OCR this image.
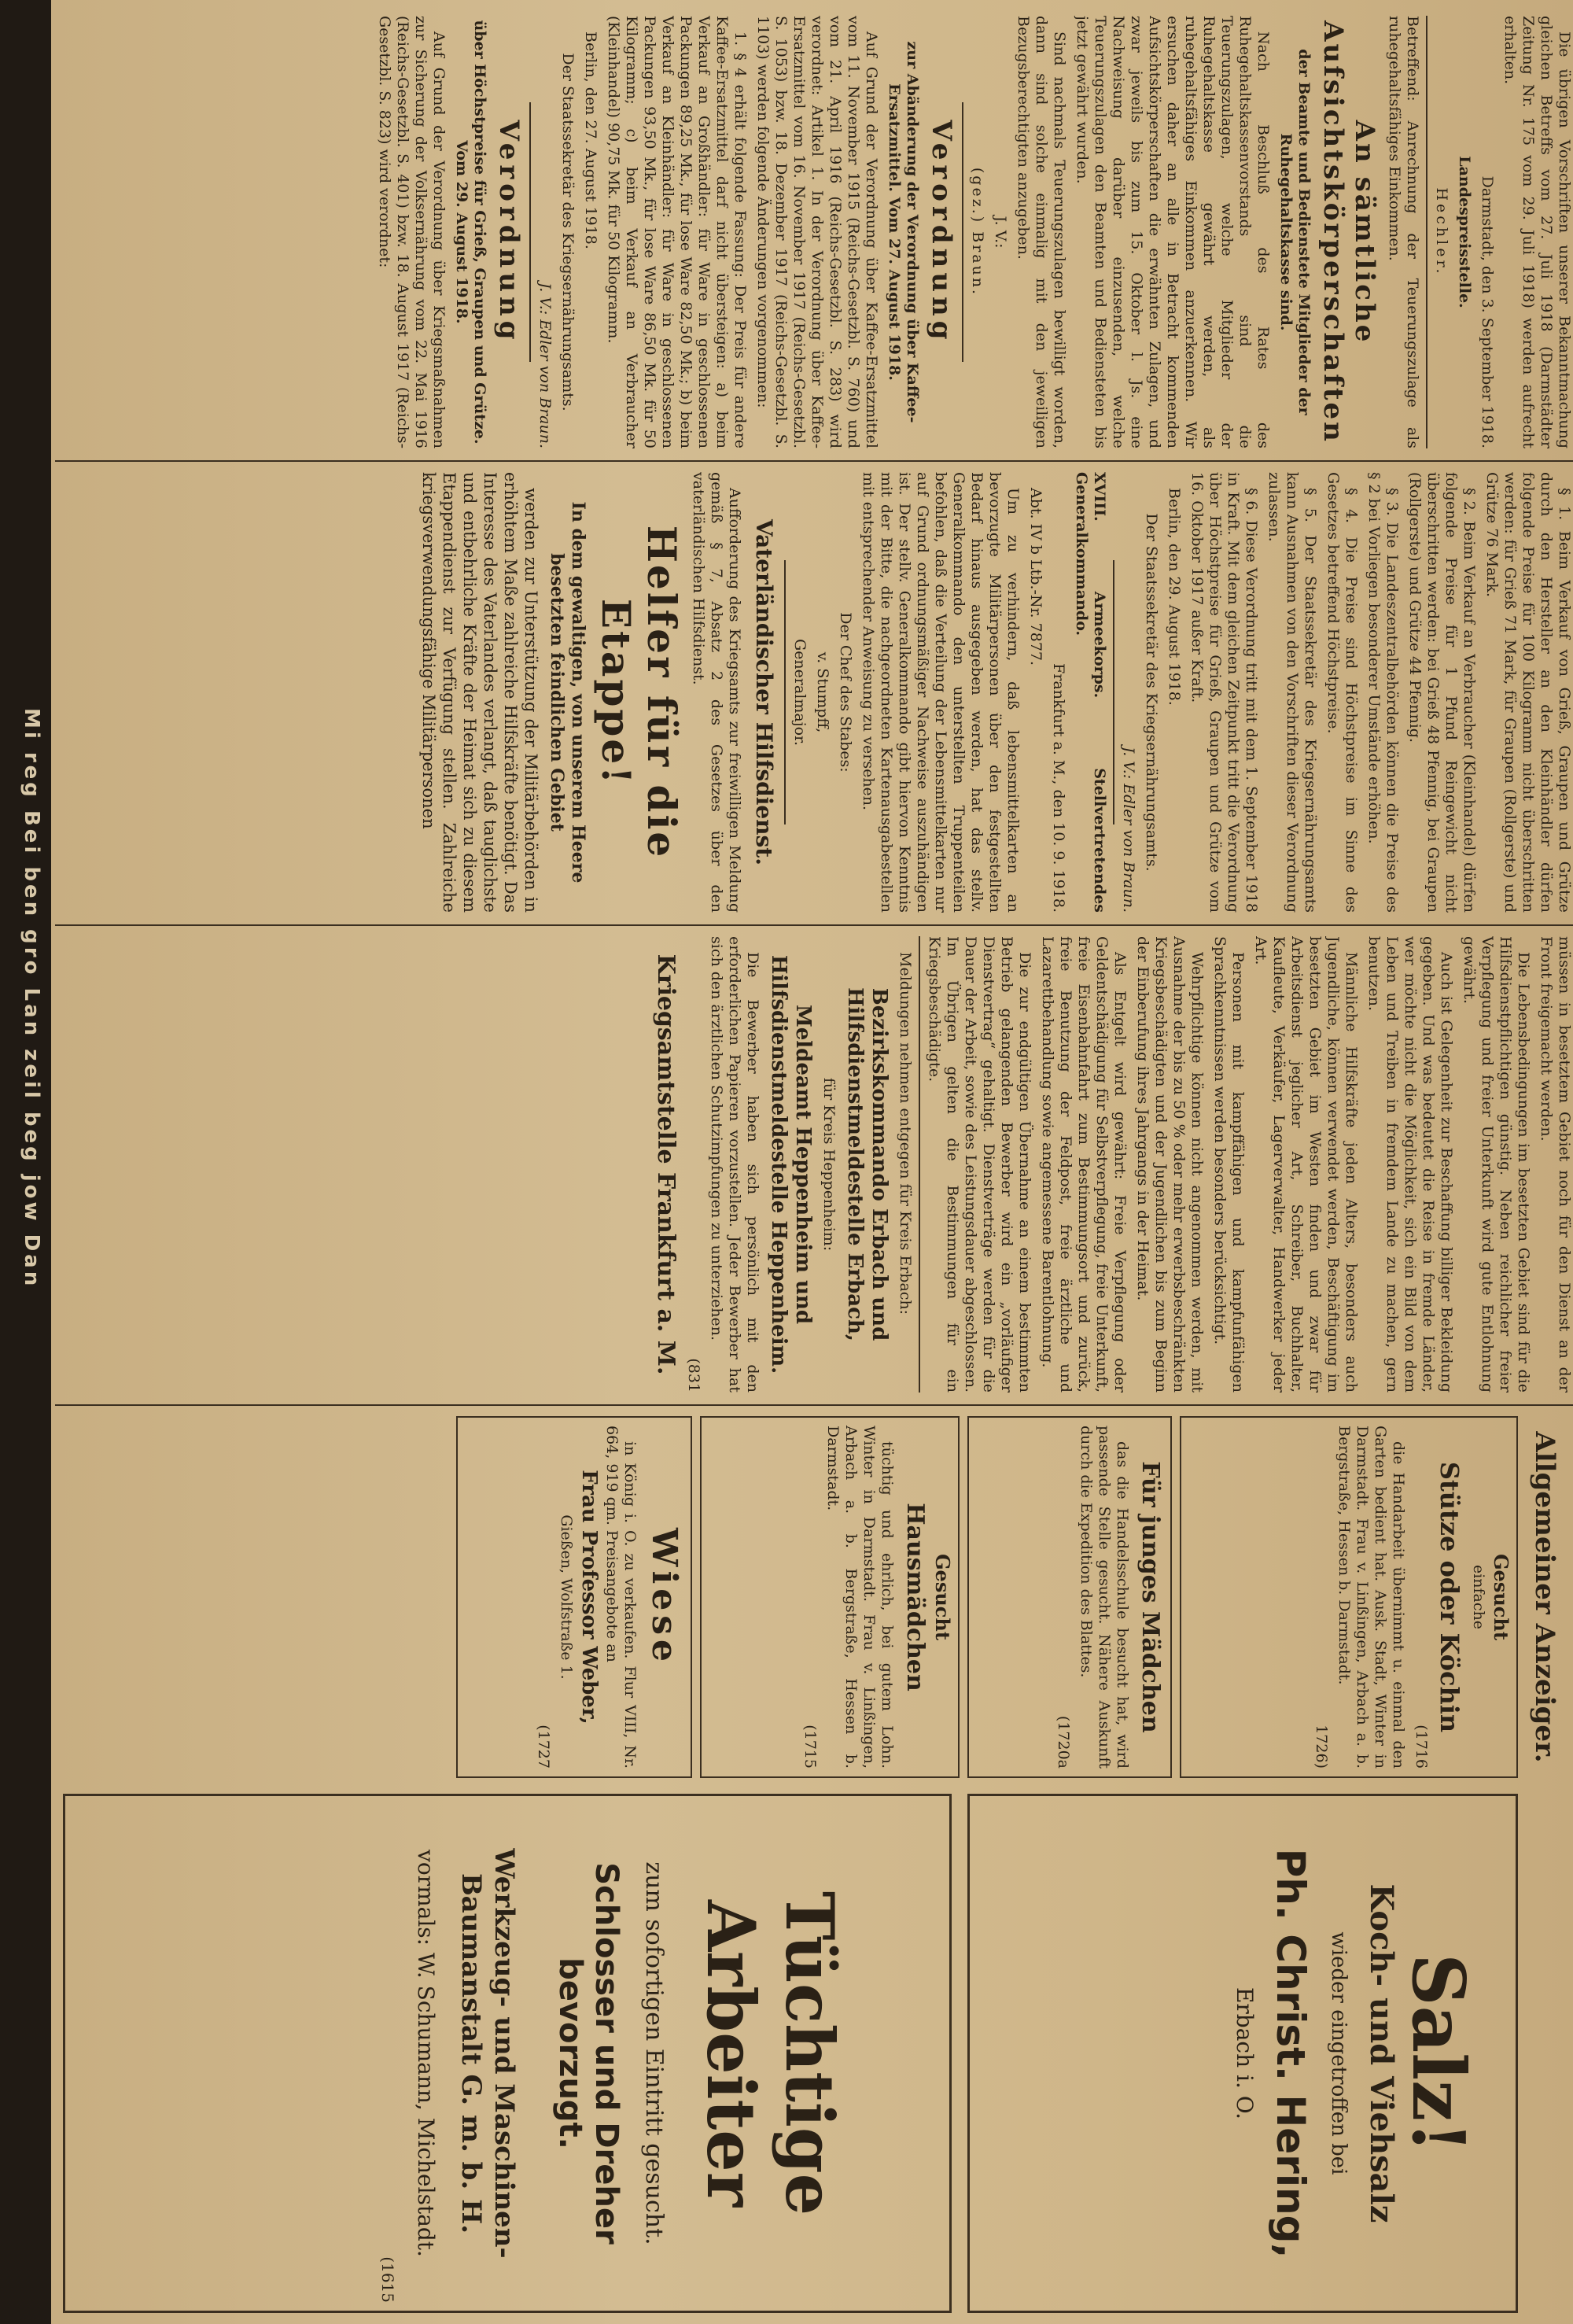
Die übrigen Vorschriften unserer Bekanntmachung gleichen Betreffs vom 27. Juli 1918 (Darmstädter Zeitung Nr. 175 vom 29. Juli 1918) werden aufrecht erhalten.

Darmstadt, den 3. September 1918.

Landespreisstelle.

Hechler.

Betreffend: Anrechnung der Teuerungszulage als ruhegehaltsfähiges Einkommen.

An sämtliche Aufsichtskörperschaften

der Beamte und Bedienstete Mitglieder der Ruhegehaltskasse sind.

Nach Beschluß des Rates des Ruhegehaltskassenvorstands sind die Teuerungszulagen, welche Mitglieder der Ruhegehaltskasse gewährt werden, als ruhegehaltsfähiges Einkommen anzuerkennen. Wir ersuchen daher an alle in Betracht kommenden Aufsichtskörperschaften die erwähnten Zulagen, und zwar jeweils bis zum 15. Oktober l. Js. eine Nachweisung darüber einzusenden, welche Teuerungszulagen den Beamten und Bediensteten bis jetzt gewährt wurden.

Sind nachmals Teuerungszulagen bewilligt worden, dann sind solche einmalig mit den jeweiligen Bezugsberechtigten anzugeben.

J. V.:

(gez.) Braun.

Verordnung

zur Abänderung der Verordnung über Kaffee-Ersatzmittel. Vom 27. August 1918.

Auf Grund der Verordnung über Kaffee-Ersatzmittel vom 11. November 1915 (Reichs-Gesetzbl. S. 760) und vom 21. April 1916 (Reichs-Gesetzbl. S. 283) wird verordnet: Artikel 1. In der Verordnung über Kaffee-Ersatzmittel vom 16. November 1917 (Reichs-Gesetzbl. S. 1053) bzw. 18. Dezember 1917 (Reichs-Gesetzbl. S. 1103) werden folgende Änderungen vorgenommen:

1. § 4 erhält folgende Fassung: Der Preis für andere Kaffee-Ersatzmittel darf nicht übersteigen: a) beim Verkauf an Großhändler: für Ware in geschlossenen Packungen 89,25 Mk., für lose Ware 82,50 Mk.; b) beim Verkauf an Kleinhändler: für Ware in geschlossenen Packungen 93,50 Mk., für lose Ware 86,50 Mk. für 50 Kilogramm; c) beim Verkauf an Verbraucher (Kleinhandel) 90,75 Mk. für 50 Kilogramm.

Berlin, den 27. August 1918.

Der Staatssekretär des Kriegsernährungsamts.

J. V.: Edler von Braun.

Verordnung

über Höchstpreise für Grieß, Graupen und Grütze. Vom 29. August 1918.

Auf Grund der Verordnung über Kriegsmaßnahmen zur Sicherung der Volksernährung vom 22. Mai 1916 (Reichs-Gesetzbl. S. 401) bzw. 18. August 1917 (Reichs-Gesetzbl. S. 823) wird verordnet:

§ 1. Beim Verkauf von Grieß, Graupen und Grütze durch den Hersteller an den Kleinhändler dürfen folgende Preise für 100 Kilogramm nicht überschritten werden: für Grieß 71 Mark, für Graupen (Rollgerste) und Grütze 76 Mark.

§ 2. Beim Verkauf an Verbraucher (Kleinhandel) dürfen folgende Preise für 1 Pfund Reingewicht nicht überschritten werden: bei Grieß 48 Pfennig, bei Graupen (Rollgerste) und Grütze 44 Pfennig.

§ 3. Die Landeszentralbehörden können die Preise des § 2 bei Vorliegen besonderer Umstände erhöhen.

§ 4. Die Preise sind Höchstpreise im Sinne des Gesetzes betreffend Höchstpreise.

§ 5. Der Staatssekretär des Kriegsernährungsamts kann Ausnahmen von den Vorschriften dieser Verordnung zulassen.

§ 6. Diese Verordnung tritt mit dem 1. September 1918 in Kraft. Mit dem gleichen Zeitpunkt tritt die Verordnung über Höchstpreise für Grieß, Graupen und Grütze vom 16. Oktober 1917 außer Kraft.

Berlin, den 29. August 1918.

Der Staatssekretär des Kriegsernährungsamts.

J. V.: Edler von Braun.

XVIII. Armeekorps. Stellvertretendes Generalkommando.

Frankfurt a. M., den 10. 9. 1918.

Abt. IV b Ltb.-Nr. 7877.

Um zu verhindern, daß lebensmittelkarten an bevorzugte Militärpersonen über den festgestellten Bedarf hinaus ausgegeben werden, hat das stellv. Generalkommando den unterstellten Truppenteilen befohlen, daß die Verteilung der Lebensmittelkarten nur auf Grund ordnungsmäßiger Nachweise auszuhändigen ist. Der stellv. Generalkommando gibt hiervon Kenntnis mit der Bitte, die nachgeordneten Kartenausgabestellen mit entsprechender Anweisung zu versehen.

Der Chef des Stabes:

v. Stumpff,

Generalmajor.

Vaterländischer Hilfsdienst.

Aufforderung des Kriegsamts zur freiwilligen Meldung gemäß § 7, Absatz 2 des Gesetzes über den vaterländischen Hilfsdienst.

Helfer für die Etappe!

In dem gewaltigen, von unserem Heere besetzten feindlichen Gebiet

werden zur Unterstützung der Militärbehörden in erhöhtem Maße zahlreiche Hilfskräfte benötigt. Das Interesse des Vaterlandes verlangt, daß tauglichste und entbehrliche Kräfte der Heimat sich zu diesem Etappendienst zur Verfügung stellen. Zahlreiche kriegsverwendungsfähige Militärpersonen

müssen in besetztem Gebiet noch für den Dienst an der Front freigemacht werden.

Die Lebensbedingungen im besetzten Gebiet sind für die Hilfsdienstpflichtigen günstig. Neben reichlicher freier Verpflegung und freier Unterkunft wird gute Entlohnung gewährt.

Auch ist Gelegenheit zur Beschaffung billiger Bekleidung gegeben. Und was bedeutet die Reise in fremde Länder, wer möchte nicht die Möglichkeit, sich ein Bild von dem Leben und Treiben in fremdem Lande zu machen, gern benutzen.

Männliche Hilfskräfte jeden Alters, besonders auch Jugendliche, können verwendet werden, Beschäftigung im besetzten Gebiet im Westen finden und zwar für Arbeitsdienst jeglicher Art, Schreiber, Buchhalter, Kaufleute, Verkäufer, Lagerverwalter, Handwerker jeder Art.

Personen mit kampffähigen und kampfunfähigen Sprachkenntnissen werden besonders berücksichtigt.

Wehrpflichtige können nicht angenommen werden, mit Ausnahme der bis zu 50 % oder mehr erwerbsbeschränkten Kriegsbeschädigten und der Jugendlichen bis zum Beginn der Einberufung ihres Jahrgangs in der Heimat.

Als Entgelt wird gewährt: Freie Verpflegung oder Geldentschädigung für Selbstverpflegung, freie Unterkunft, freie Eisenbahnfahrt zum Bestimmungsort und zurück, freie Benutzung der Feldpost, freie ärztliche und Lazarettbehandlung sowie angemessene Barentlohnung.

Die zur endgültigen Übernahme an einem bestimmten Betrieb gelangenden Bewerber wird ein „vorläufiger Dienstvertrag“ gehaltigt. Dienstverträge werden für die Dauer der Arbeit, sowie des Leistungsdauer abgeschlossen. Im Übrigen gelten die Bestimmungen für ein Kriegsbeschädigte.

Meldungen nehmen entgegen für Kreis Erbach:

Bezirkskommando Erbach und Hilfsdienstmeldestelle Erbach,

für Kreis Heppenheim:

Meldeamt Heppenheim und Hilfsdienstmeldestelle Heppenheim.

Die Bewerber haben sich persönlich mit den erforderlichen Papieren vorzustellen. Jeder Bewerber hat sich den ärztlichen Schutzimpfungen zu unterziehen.

(831

Kriegsamtstelle Frankfurt a. M.

Allgemeiner Anzeiger.

Gesucht

einfache

Stütze oder Köchin

(1716

die Handarbeit übernimmt u. einmal den Garten bedient hat. Ausk. Stadt, Winter in Darmstadt. Frau v. Linßingen, Arbach a. b. Bergstraße, Hessen b. Darmstadt.

1726)

Für junges Mädchen

das die Handelsschule besucht hat, wird passende Stelle gesucht. Nähere Auskunft durch die Expedition des Blattes.

(1720a

Gesucht

Hausmädchen

tüchtig und ehrlich, bei gutem Lohn. Winter in Darmstadt. Frau v. Linßingen, Arbach a. b. Bergstraße, Hessen b. Darmstadt.

(1715

Wiese

in König i. O. zu verkaufen. Flur VIII, Nr. 664, 919 qm. Preisangebote an

Frau Professor Weber,

Gießen, Wolfstraße 1.

(1727

Salz!
Koch- und Viehsalz
wieder eingetroffen bei
Ph. Christ. Hering,
Erbach i. O.
Tüchtige Arbeiter
zum sofortigen Eintritt gesucht.
Schlosser und Dreher bevorzugt.
Werkzeug- und Maschinen-Baumanstalt G. m. b. H.
vormals: W. Schumann, Michelstadt.
(1615
Mi reg Bei ben gro Lan zeil beg jow Dan
